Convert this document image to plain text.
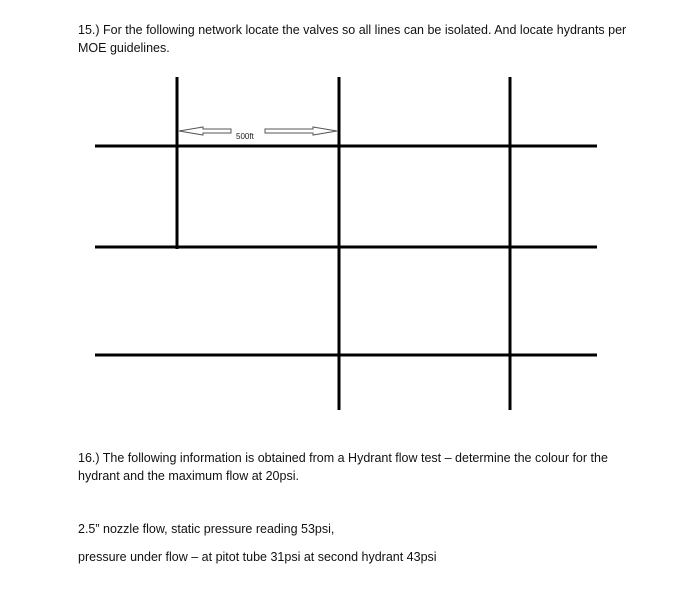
15.) For the following network locate the valves so all lines can be isolated. And locate hydrants per MOE guidelines.

500ft

16.) The following information is obtained from a Hydrant flow test – determine the colour for the hydrant and the maximum flow at 20psi.

2.5” nozzle flow, static pressure reading 53psi,

pressure under flow – at pitot tube 31psi at second hydrant 43psi
